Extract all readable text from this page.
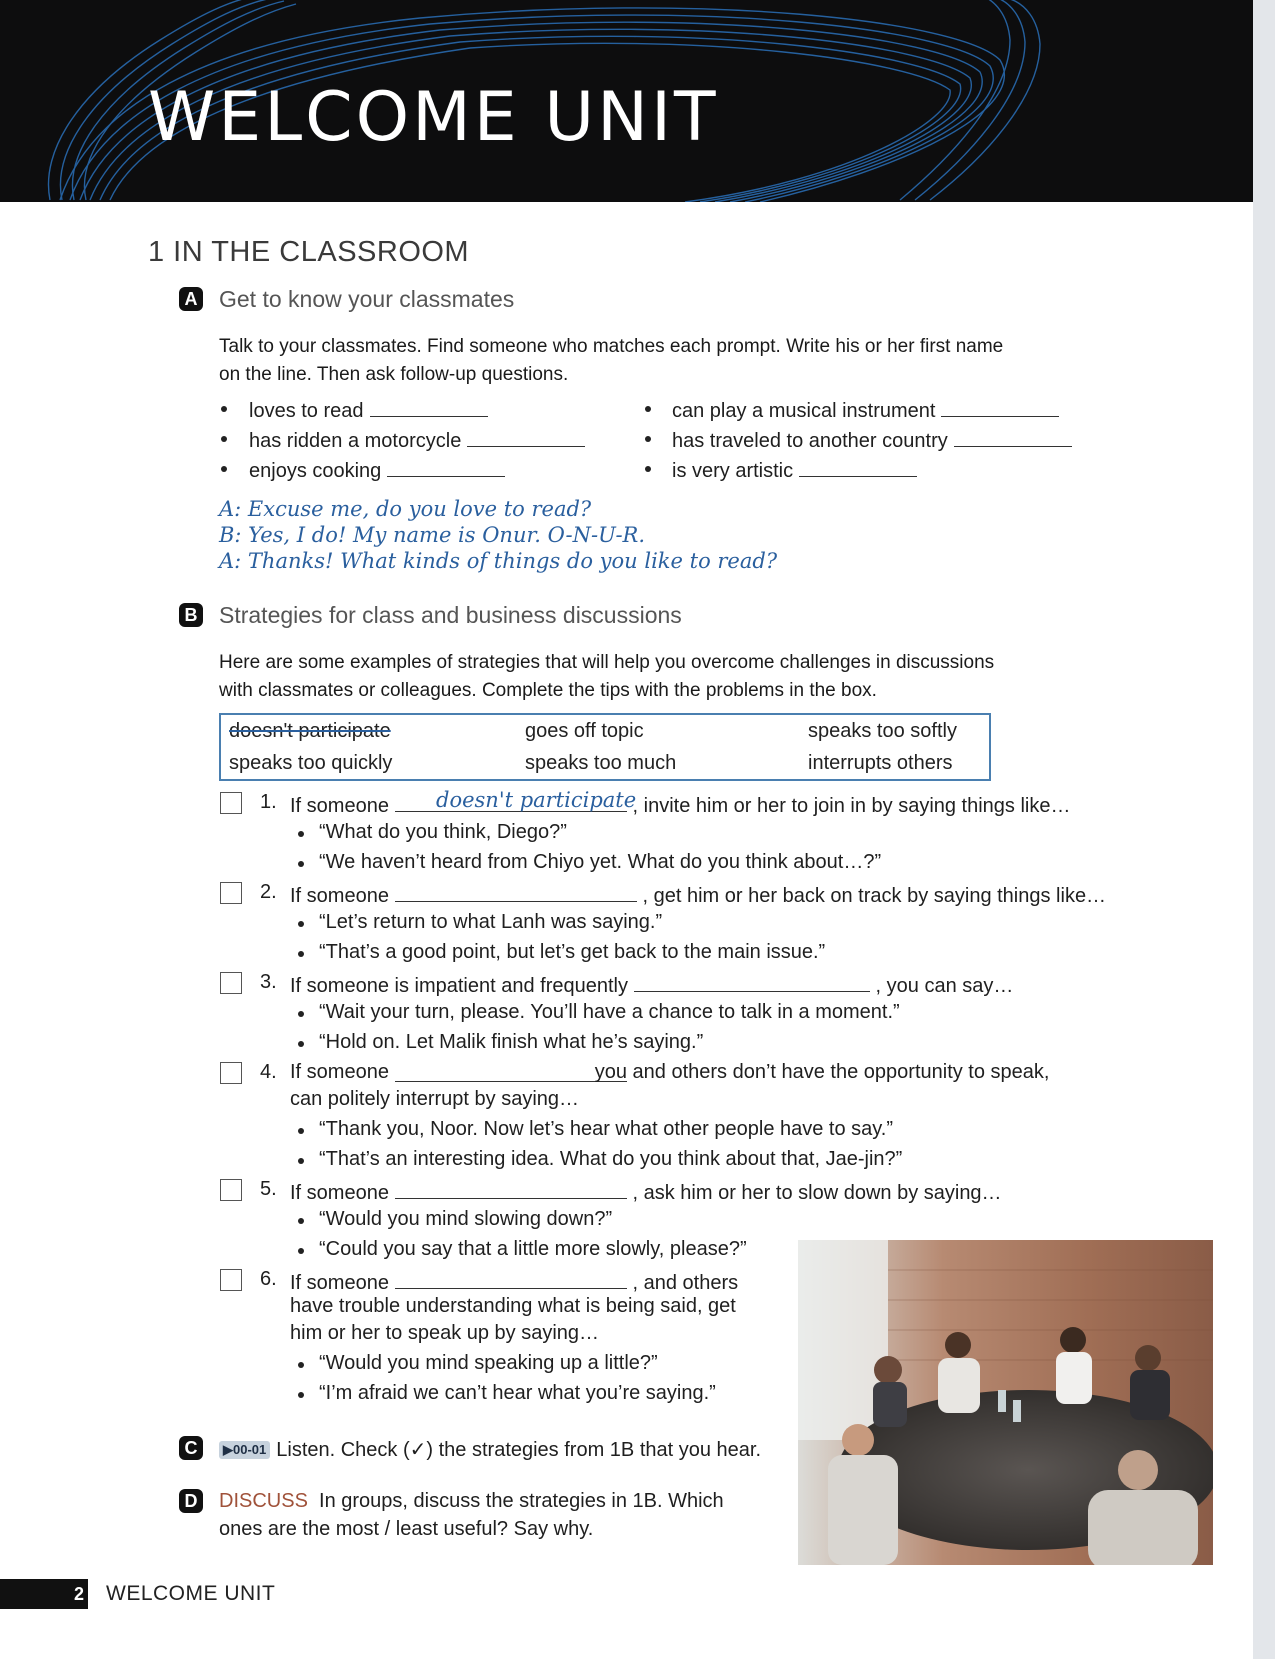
WELCOME UNIT
1 IN THE CLASSROOM
A Get to know your classmates
Talk to your classmates. Find someone who matches each prompt. Write his or her first name
on the line. Then ask follow-up questions.
loves to read
has ridden a motorcycle
enjoys cooking
can play a musical instrument
has traveled to another country
is very artistic
A: Excuse me, do you love to read?
B: Yes, I do! My name is Onur. O-N-U-R.
A: Thanks! What kinds of things do you like to read?
B Strategies for class and business discussions
Here are some examples of strategies that will help you overcome challenges in discussions
with classmates or colleagues. Complete the tips with the problems in the box.
doesn't participate	goes off topic	speaks too softly
speaks too quickly	speaks too much	interrupts others
1. If someone	, invite him or her to join in by saying things like…
doesn't participate
“What do you think, Diego?”
“We haven’t heard from Chiyo yet. What do you think about…?”
2. If someone	, get him or her back on track by saying things like…
“Let’s return to what Lanh was saying.”
“That’s a good point, but let’s get back to the main issue.”
3. If someone is impatient and frequently	, you can say…
“Wait your turn, please. You’ll have a chance to talk in a moment.”
“Hold on. Let Malik finish what he’s saying.”
4. If someone	you and others don’t have the opportunity to speak,
can politely interrupt by saying…
“Thank you, Noor. Now let’s hear what other people have to say.”
“That’s an interesting idea. What do you think about that, Jae-jin?”
5. If someone	, ask him or her to slow down by saying…
“Would you mind slowing down?”
“Could you say that a little more slowly, please?”
6. If someone	, and others
have trouble understanding what is being said, get
him or her to speak up by saying…
“Would you mind speaking up a little?”
“I’m afraid we can’t hear what you’re saying.”
C	▶00-01 Listen. Check (✓) the strategies from 1B that you hear.
D DISCUSS In groups, discuss the strategies in 1B. Which
ones are the most / least useful? Say why.
2 WELCOME UNIT
